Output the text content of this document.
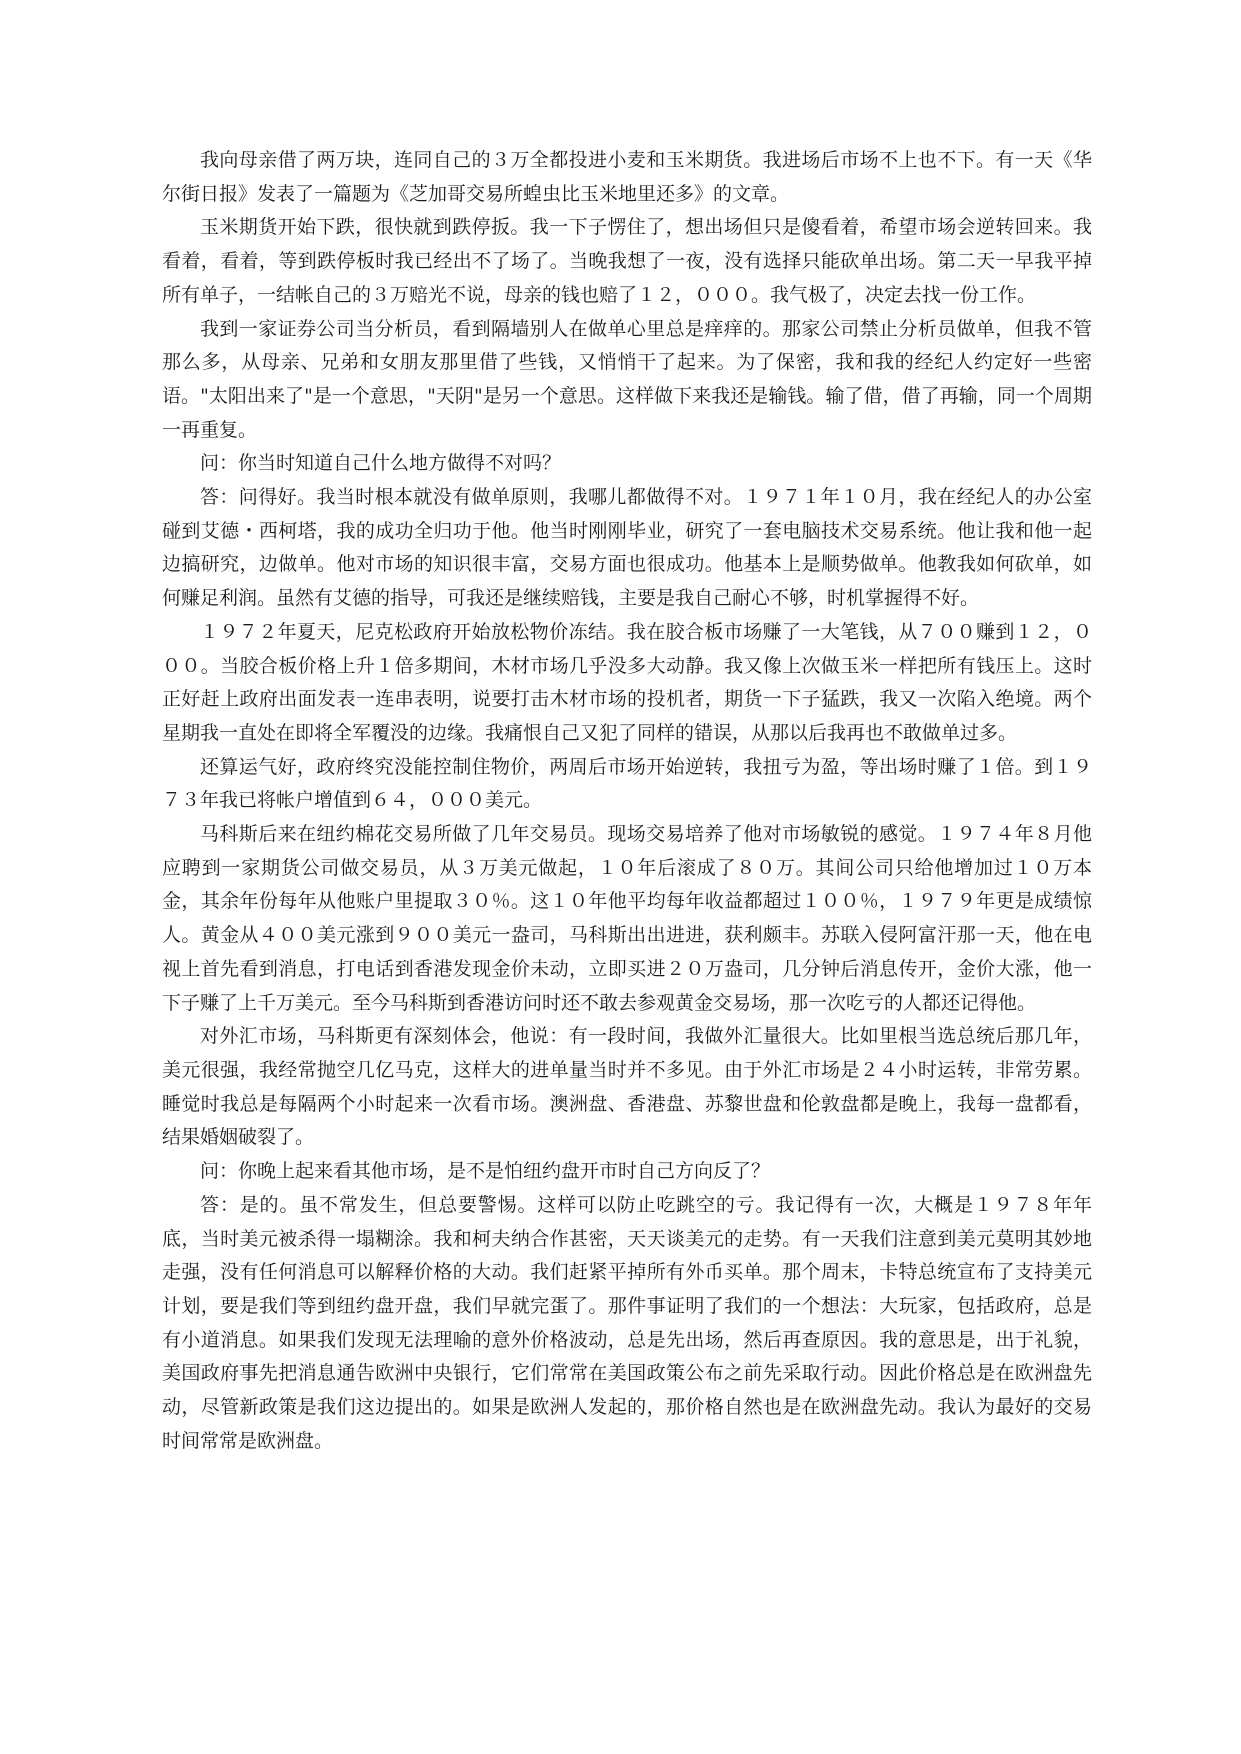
我向母亲借了两万块，连同自己的３万全都投进小麦和玉米期货。我进场后市场不上也不下。有一天《华尔街日报》发表了一篇题为《芝加哥交易所蝗虫比玉米地里还多》的文章。

玉米期货开始下跌，很快就到跌停扳。我一下子愣住了，想出场但只是傻看着，希望市场会逆转回来。我看着，看着，等到跌停板时我已经出不了场了。当晚我想了一夜，没有选择只能砍单出场。第二天一早我平掉所有单子，一结帐自己的３万赔光不说，母亲的钱也赔了１２，０００。我气极了，决定去找一份工作。

我到一家证券公司当分析员，看到隔墙别人在做单心里总是痒痒的。那家公司禁止分析员做单，但我不管那么多，从母亲、兄弟和女朋友那里借了些钱，又悄悄干了起来。为了保密，我和我的经纪人约定好一些密语。"太阳出来了"是一个意思，"天阴"是另一个意思。这样做下来我还是输钱。输了借，借了再输，同一个周期一再重复。

问：你当时知道自己什么地方做得不对吗？

答：问得好。我当时根本就没有做单原则，我哪儿都做得不对。１９７１年１０月，我在经纪人的办公室碰到艾德・西柯塔，我的成功全归功于他。他当时刚刚毕业，研究了一套电脑技术交易系统。他让我和他一起边搞研究，边做单。他对市场的知识很丰富，交易方面也很成功。他基本上是顺势做单。他教我如何砍单，如何赚足利润。虽然有艾德的指导，可我还是继续赔钱，主要是我自己耐心不够，时机掌握得不好。

１９７２年夏天，尼克松政府开始放松物价冻结。我在胶合板市场赚了一大笔钱，从７００赚到１２，０００。当胶合板价格上升１倍多期间，木材市场几乎没多大动静。我又像上次做玉米一样把所有钱压上。这时正好赶上政府出面发表一连串表明，说要打击木材市场的投机者，期货一下子猛跌，我又一次陷入绝境。两个星期我一直处在即将全军覆没的边缘。我痛恨自己又犯了同样的错误，从那以后我再也不敢做单过多。

还算运气好，政府终究没能控制住物价，两周后市场开始逆转，我扭亏为盈，等出场时赚了１倍。到１９７３年我已将帐户增值到６４，０００美元。

马科斯后来在纽约棉花交易所做了几年交易员。现场交易培养了他对市场敏锐的感觉。１９７４年８月他应聘到一家期货公司做交易员，从３万美元做起，１０年后滚成了８０万。其间公司只给他增加过１０万本金，其余年份每年从他账户里提取３０％。这１０年他平均每年收益都超过１００％，１９７９年更是成绩惊人。黄金从４００美元涨到９００美元一盎司，马科斯出出进进，获利颇丰。苏联入侵阿富汗那一天，他在电视上首先看到消息，打电话到香港发现金价未动，立即买进２０万盎司，几分钟后消息传开，金价大涨，他一下子赚了上千万美元。至今马科斯到香港访问时还不敢去参观黄金交易场，那一次吃亏的人都还记得他。

对外汇市场，马科斯更有深刻体会，他说：有一段时间，我做外汇量很大。比如里根当选总统后那几年，美元很强，我经常抛空几亿马克，这样大的进单量当时并不多见。由于外汇市场是２４小时运转，非常劳累。睡觉时我总是每隔两个小时起来一次看市场。澳洲盘、香港盘、苏黎世盘和伦敦盘都是晚上，我每一盘都看，结果婚姻破裂了。

问：你晚上起来看其他市场，是不是怕纽约盘开市时自己方向反了？

答：是的。虽不常发生，但总要警惕。这样可以防止吃跳空的亏。我记得有一次，大概是１９７８年年底，当时美元被杀得一塌糊涂。我和柯夫纳合作甚密，天天谈美元的走势。有一天我们注意到美元莫明其妙地走强，没有任何消息可以解释价格的大动。我们赶紧平掉所有外币买单。那个周末，卡特总统宣布了支持美元计划，要是我们等到纽约盘开盘，我们早就完蛋了。那件事证明了我们的一个想法：大玩家，包括政府，总是有小道消息。如果我们发现无法理喻的意外价格波动，总是先出场，然后再查原因。我的意思是，出于礼貌，美国政府事先把消息通告欧洲中央银行，它们常常在美国政策公布之前先采取行动。因此价格总是在欧洲盘先动，尽管新政策是我们这边提出的。如果是欧洲人发起的，那价格自然也是在欧洲盘先动。我认为最好的交易时间常常是欧洲盘。
